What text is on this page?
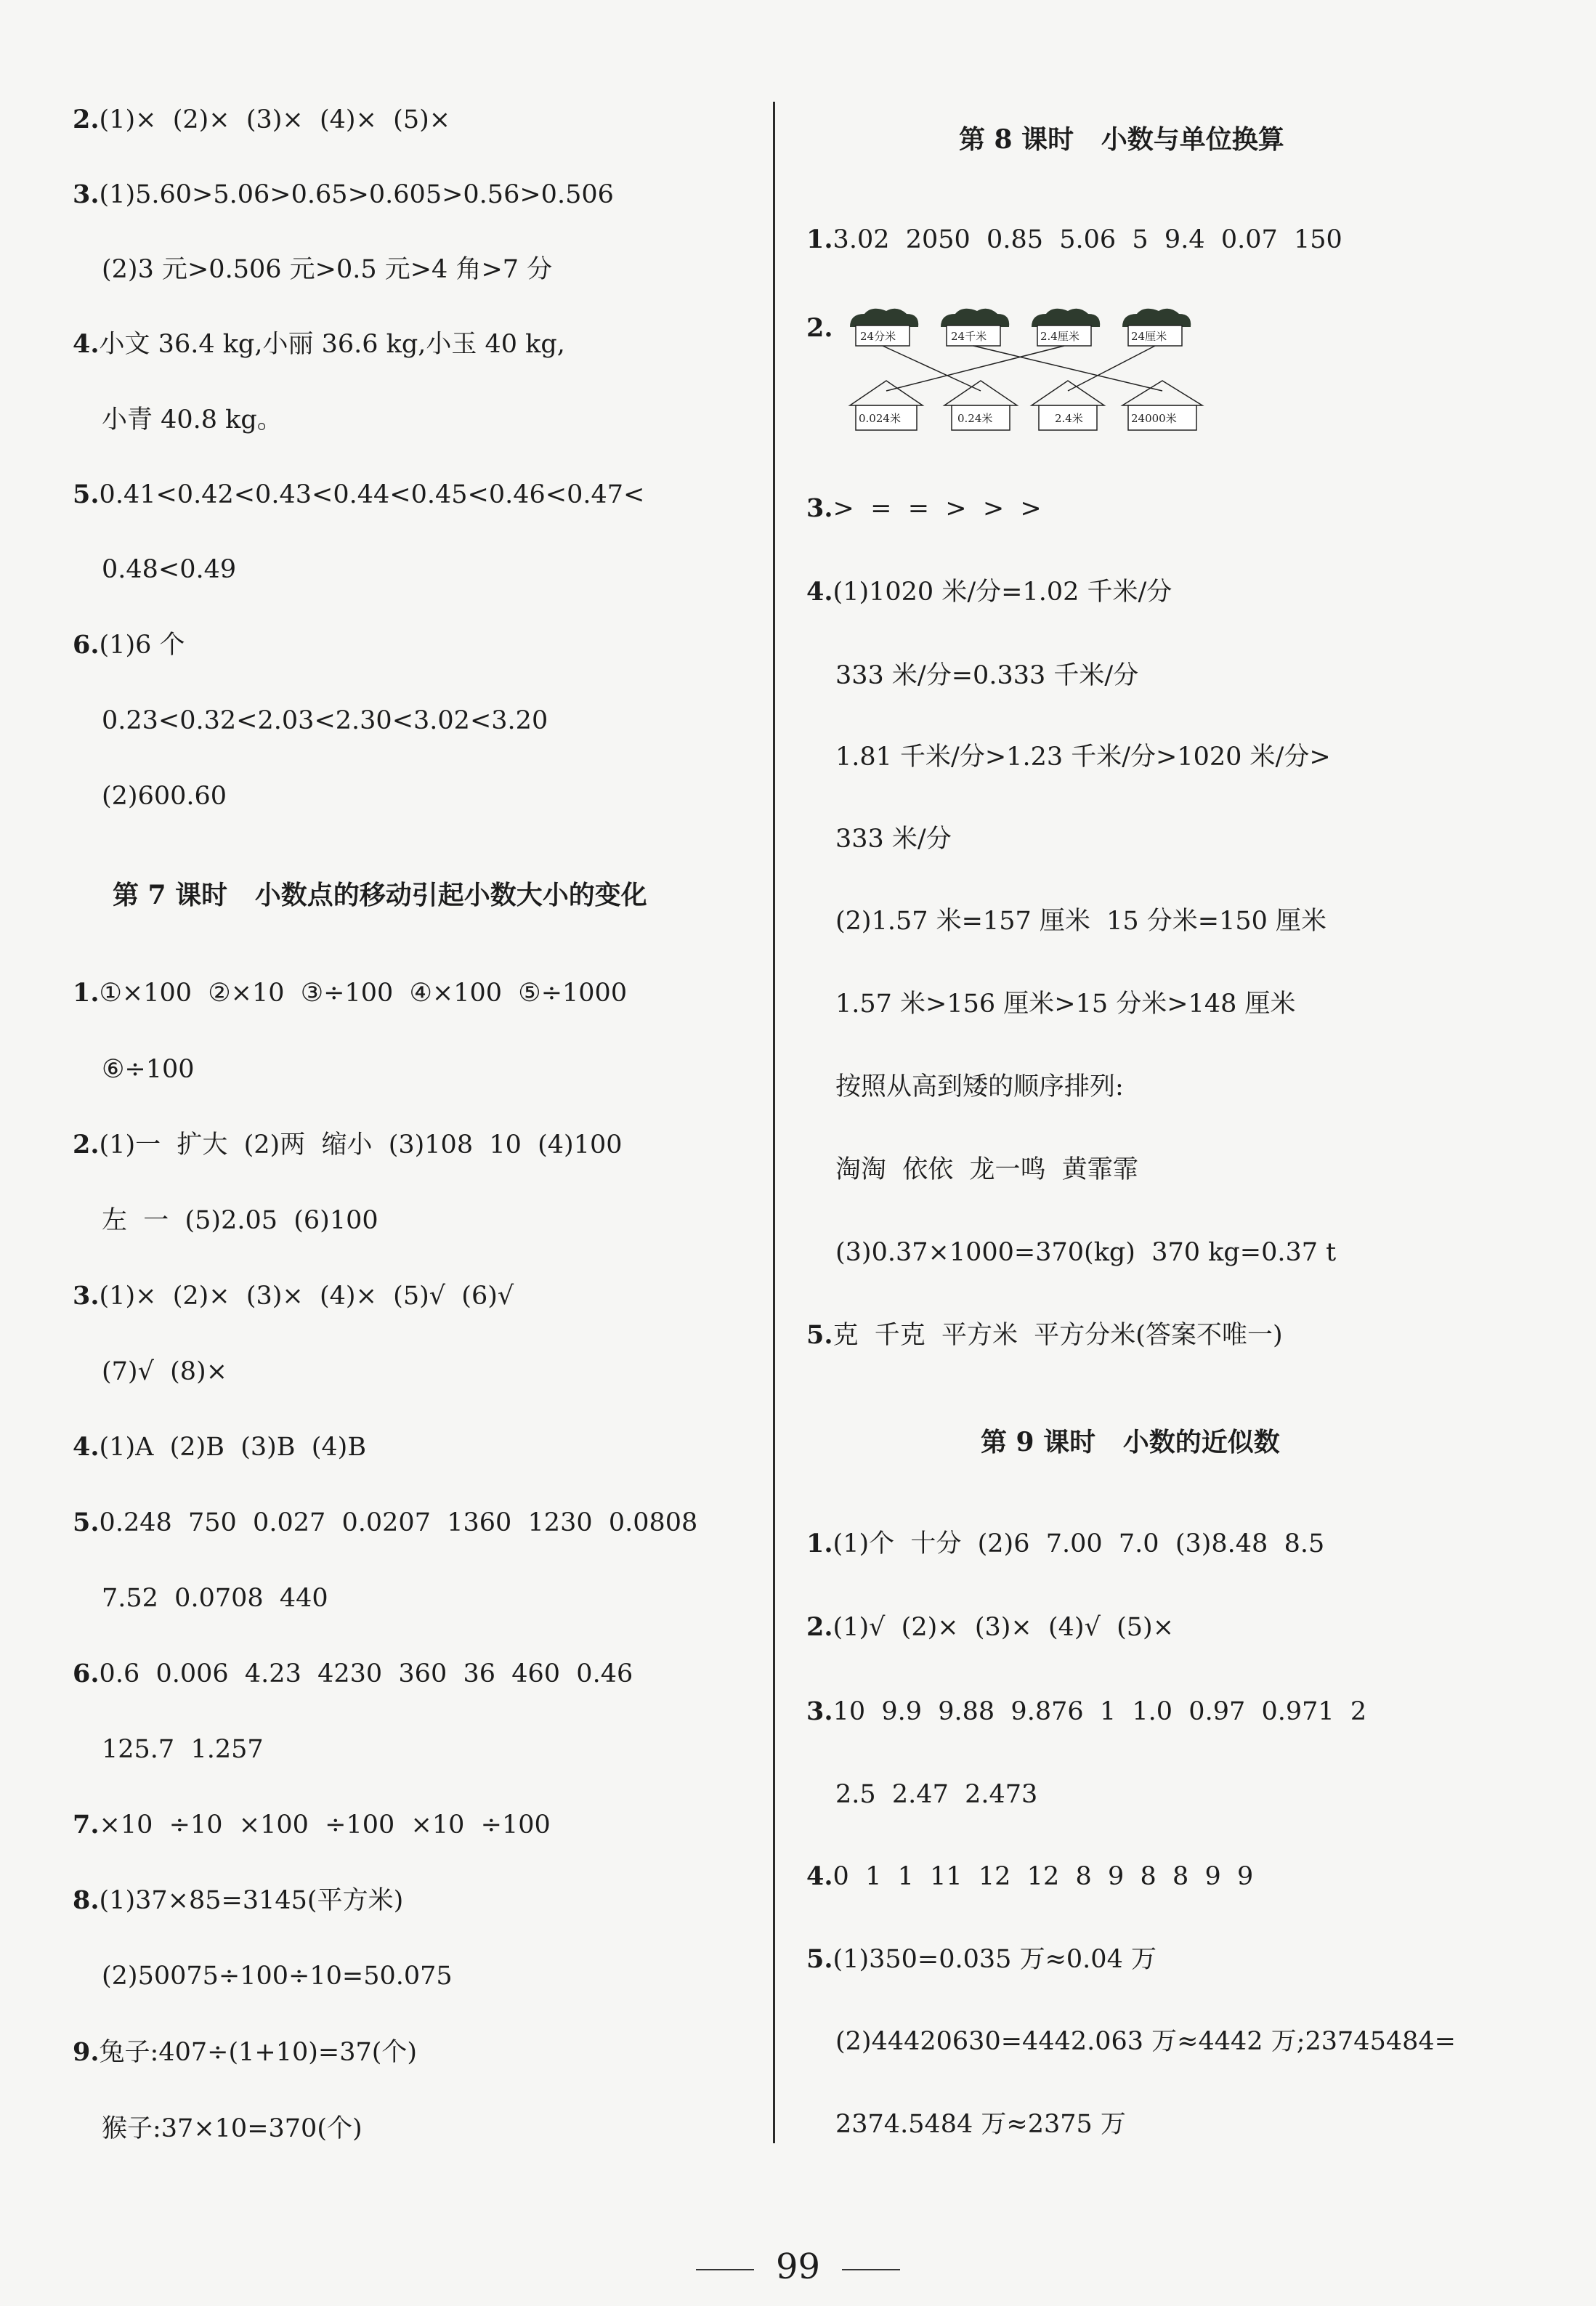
2.(1)×  (2)×  (3)×  (4)×  (5)×
3.(1)5.60>5.06>0.65>0.605>0.56>0.506
(2)3 元>0.506 元>0.5 元>4 角>7 分
4.小文 36.4 kg,小丽 36.6 kg,小玉 40 kg,
小青 40.8 kg。
5.0.41<0.42<0.43<0.44<0.45<0.46<0.47<
0.48<0.49
6.(1)6 个
0.23<0.32<2.03<2.30<3.02<3.20
(2)600.60
第 7 课时   小数点的移动引起小数大小的变化
1.①×100  ②×10  ③÷100  ④×100  ⑤÷1000
⑥÷100
2.(1)一  扩大  (2)两  缩小  (3)108  10  (4)100
左  一  (5)2.05  (6)100
3.(1)×  (2)×  (3)×  (4)×  (5)√  (6)√
(7)√  (8)×
4.(1)A  (2)B  (3)B  (4)B
5.0.248  750  0.027  0.0207  1360  1230  0.0808
7.52  0.0708  440
6.0.6  0.006  4.23  4230  360  36  460  0.46
125.7  1.257
7.×10  ÷10  ×100  ÷100  ×10  ÷100
8.(1)37×85=3145(平方米)
(2)50075÷100÷10=50.075
9.兔子:407÷(1+10)=37(个)
猴子:37×10=370(个)
第 8 课时   小数与单位换算
1.3.02  2050  0.85  5.06  5  9.4  0.07  150
2. 24分米	24千米	2.4厘米	24厘米
0.024米	0.24米	2.4米	24000米
3.>  =  =  >  >  >
4.(1)1020 米/分=1.02 千米/分
333 米/分=0.333 千米/分
1.81 千米/分>1.23 千米/分>1020 米/分>
333 米/分
(2)1.57 米=157 厘米  15 分米=150 厘米
1.57 米>156 厘米>15 分米>148 厘米
按照从高到矮的顺序排列:
淘淘  依依  龙一鸣  黄霏霏
(3)0.37×1000=370(kg)  370 kg=0.37 t
5.克  千克  平方米  平方分米(答案不唯一)
第 9 课时   小数的近似数
1.(1)个  十分  (2)6  7.00  7.0  (3)8.48  8.5
2.(1)√  (2)×  (3)×  (4)√  (5)×
3.10  9.9  9.88  9.876  1  1.0  0.97  0.971  2
2.5  2.47  2.473
4.0  1  1  11  12  12  8  9  8  8  9  9
5.(1)350=0.035 万≈0.04 万
(2)44420630=4442.063 万≈4442 万;23745484=
2374.5484 万≈2375 万
99
